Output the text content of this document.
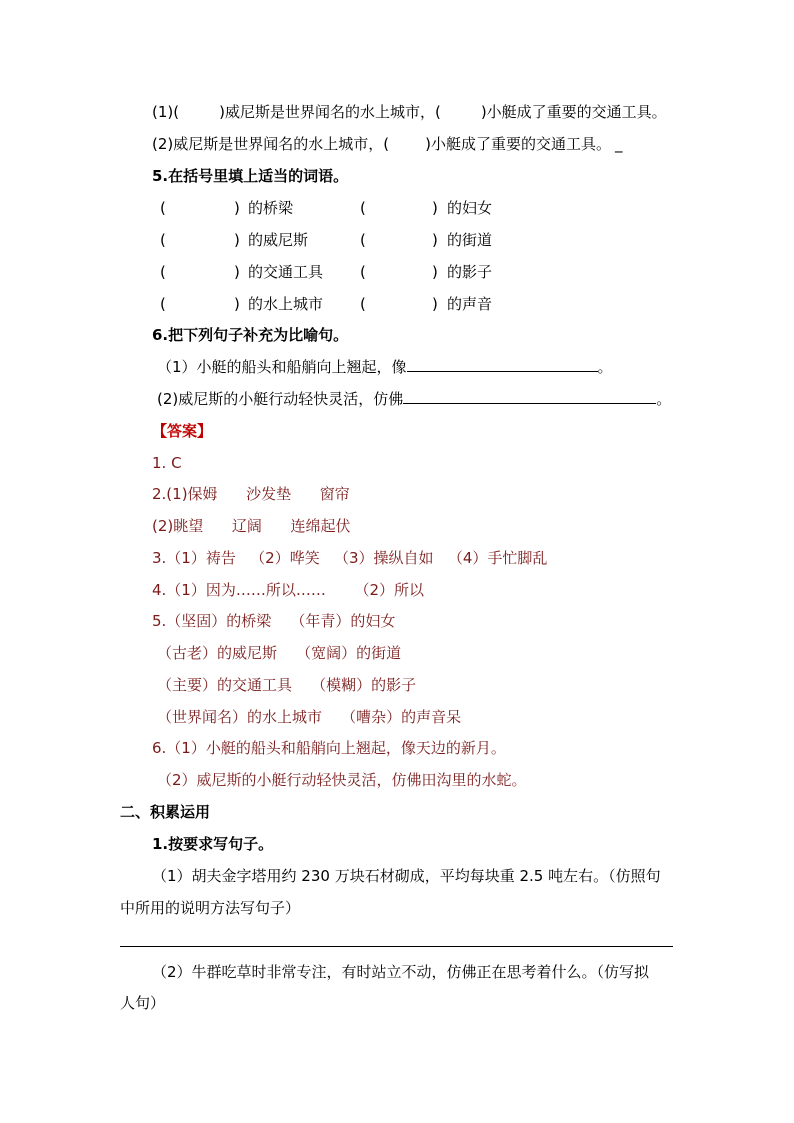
(1)(	)威尼斯是世界闻名的水上城市，(	)小艇成了重要的交通工具。
(2)威尼斯是世界闻名的水上城市，( )小艇成了重要的交通工具。 _
5.在括号里填上适当的词语。
(	) 的桥梁	(	) 的妇女
(	) 的威尼斯	(	) 的街道
(	) 的交通工具 (	) 的影子
(	) 的水上城市 (	) 的声音
6.把下列句子补充为比喻句。
（1）小艇的船头和船艄向上翘起，像	。
(2)威尼斯的小艇行动轻快灵活，仿佛	。
【答案】
1. C
2.(1)保姆      沙发垫      窗帘
(2)眺望      辽阔      连绵起伏
3.（1）祷告   （2）哗笑   （3）操纵自如   （4）手忙脚乱
4.（1）因为……所以……      （2）所以
5.（坚固）的桥梁    （年青）的妇女
（古老）的威尼斯    （宽阔）的街道
（主要）的交通工具    （模糊）的影子
（世界闻名）的水上城市    （嘈杂）的声音呆
6.（1）小艇的船头和船艄向上翘起，像天边的新月。
（2）威尼斯的小艇行动轻快灵活，仿佛田沟里的水蛇。
二、积累运用
1.按要求写句子。
（1）胡夫金字塔用约 230 万块石材砌成，平均每块重 2.5 吨左右。（仿照句
中所用的说明方法写句子）
（2）牛群吃草时非常专注，有时站立不动，仿佛正在思考着什么。（仿写拟
人句）
